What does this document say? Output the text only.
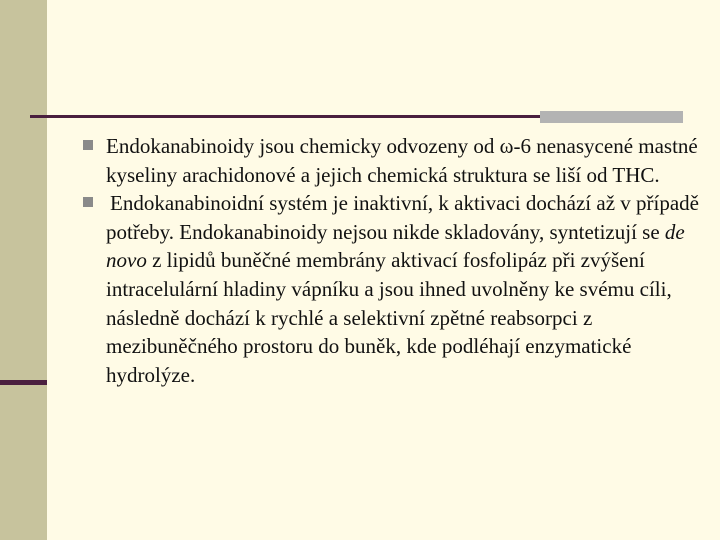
Endokanabinoidy jsou chemicky odvozeny od ω-6 nenasycené mastné kyseliny arachidonové a jejich chemická struktura se liší od THC.
Endokanabinoidní systém je inaktivní, k aktivaci dochází až v případě potřeby. Endokanabinoidy nejsou nikde skladovány, syntetizují se de novo z lipidů buněčné membrány aktivací fosfolipáz při zvýšení intracelulární hladiny vápníku a jsou ihned uvolněny ke svému cíli, následně dochází k rychlé a selektivní zpětné reabsorpci z mezibuněčného prostoru do buněk, kde podléhají enzymatické hydrolýze.
